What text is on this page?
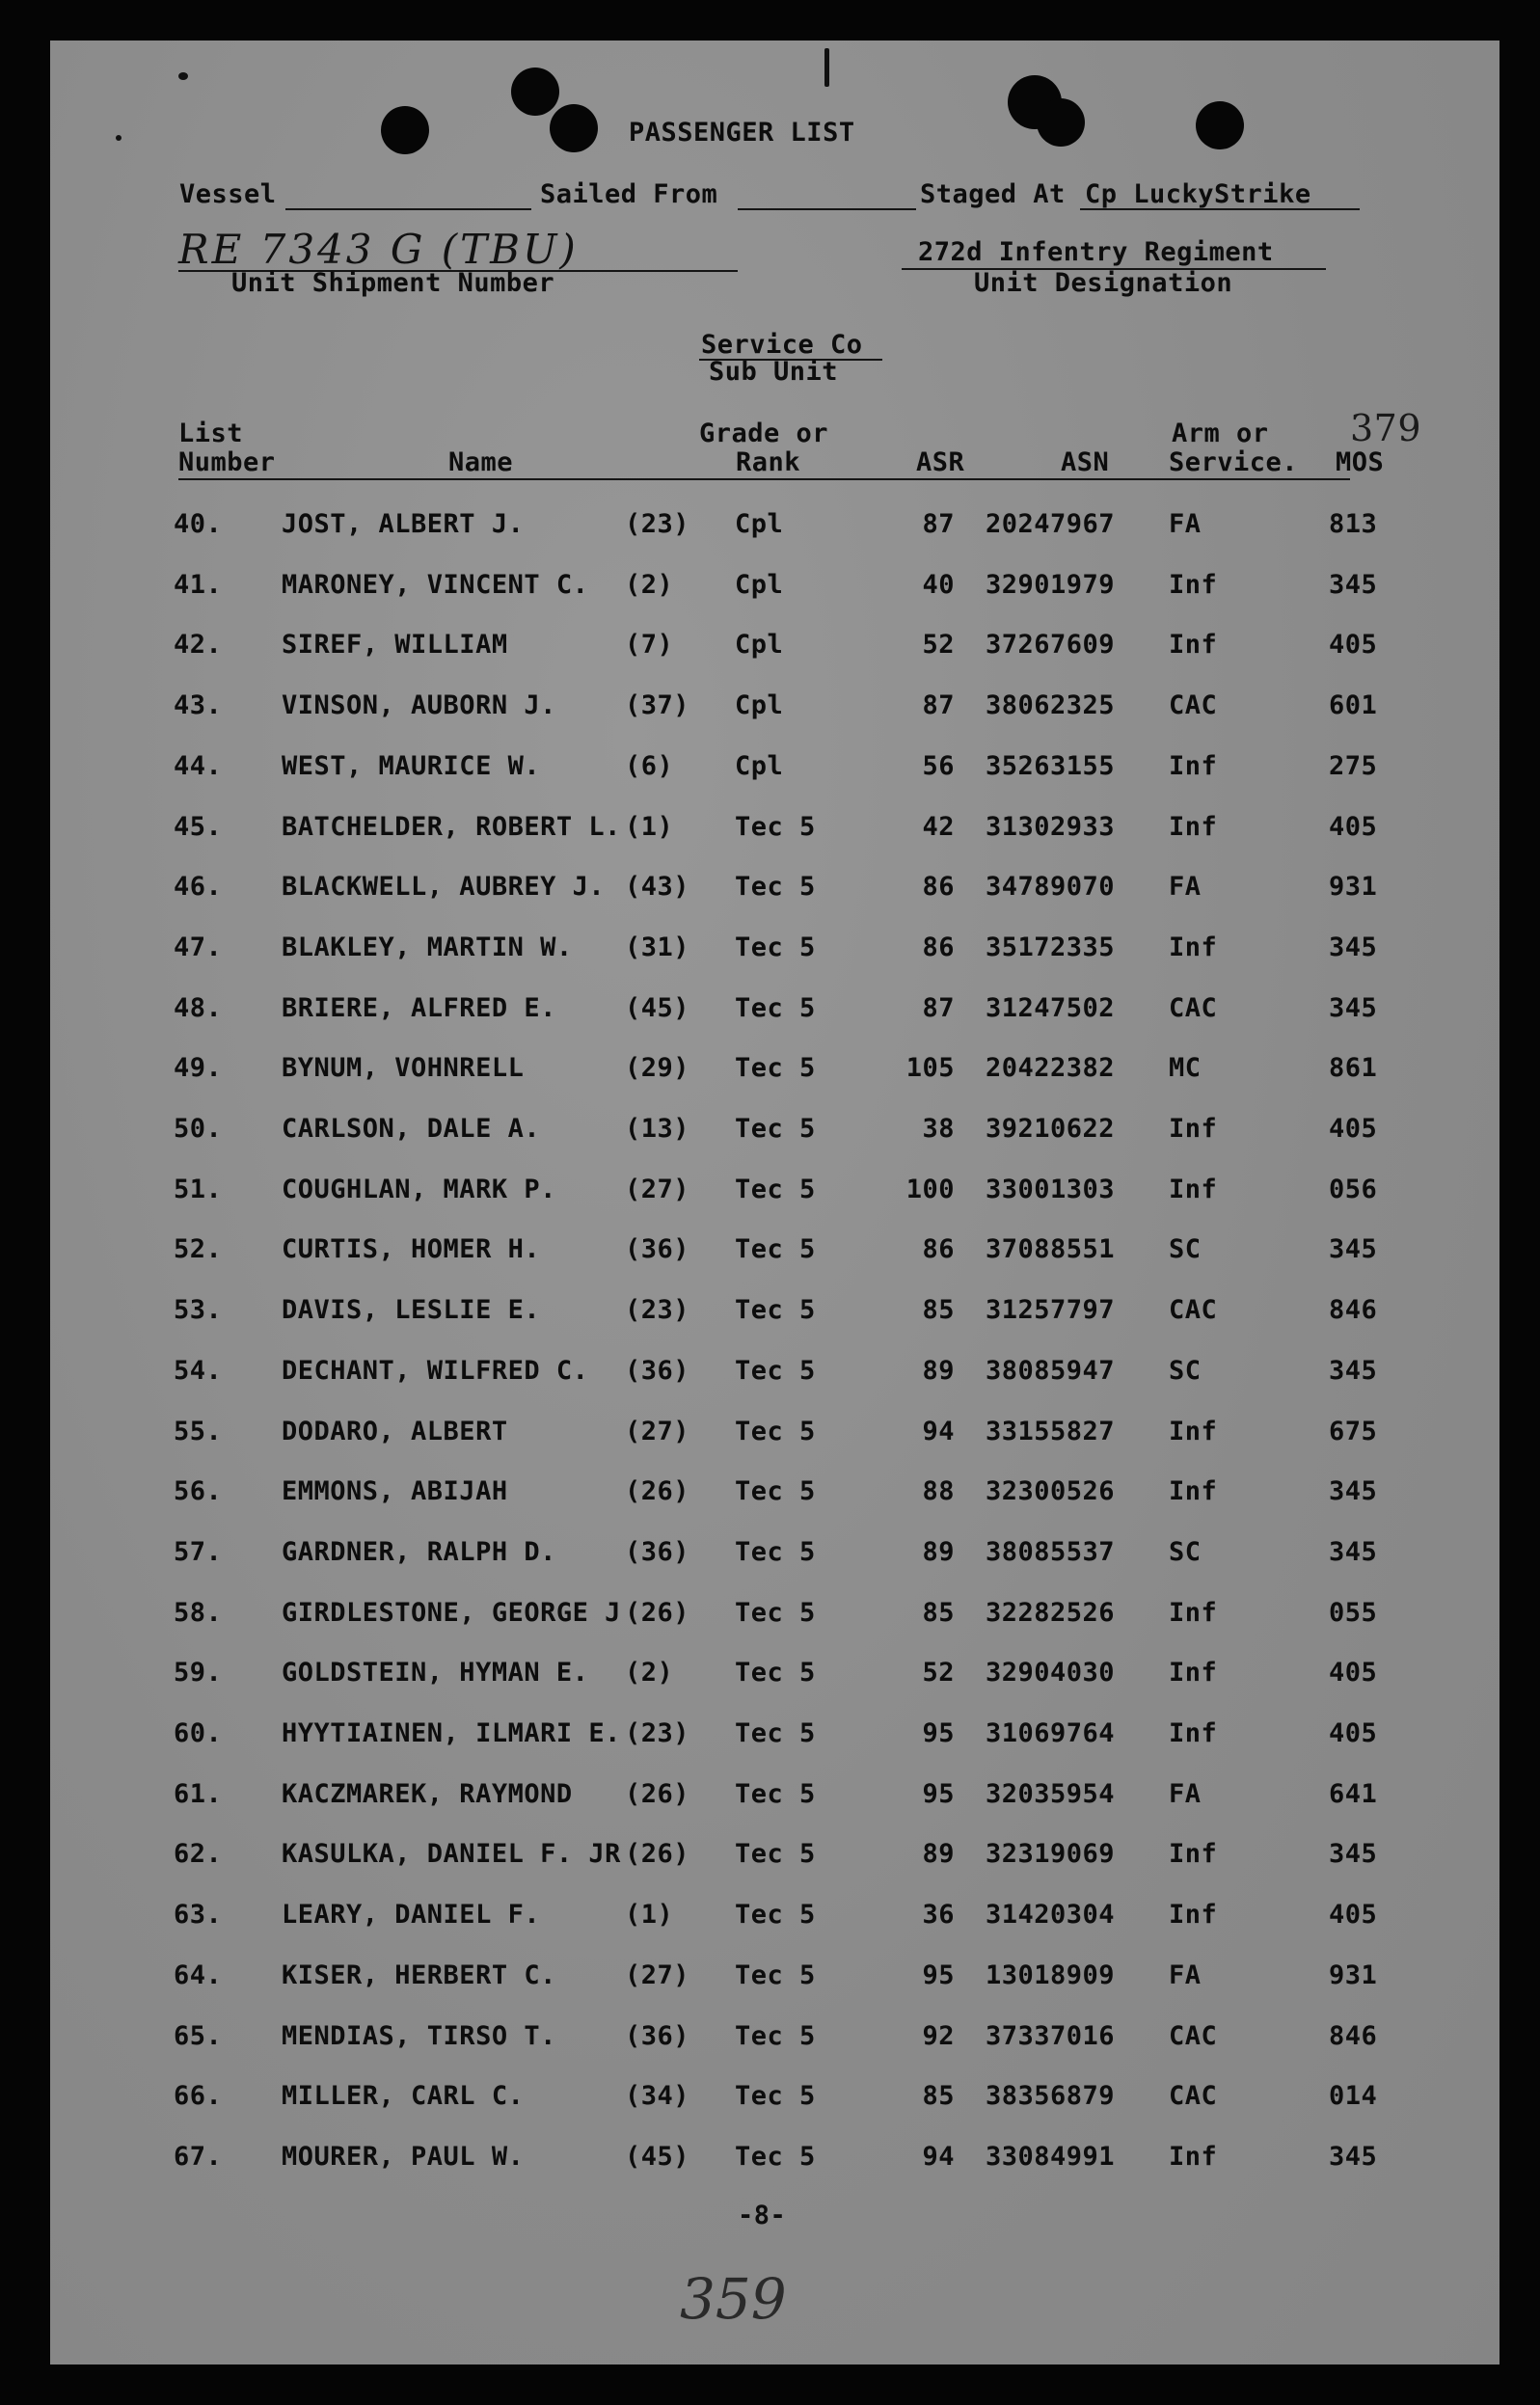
PASSENGER LIST
Vessel	Sailed From	Staged At Cp LuckyStrike
RE 7343 G (TBU)
Unit Shipment Number
272d Infentry Regiment
Unit Designation
Service Co
Sub Unit
379
List
Number	Name
Grade or
Rank	ASR	ASN
Arm or
Service. MOS
40. JOST, ALBERT J.	(23) Cpl	87 20247967 FA	813
41. MARONEY, VINCENT C. (2) Cpl	40 32901979 Inf	345
42. SIREF, WILLIAM	(7) Cpl	52 37267609 Inf	405
43. VINSON, AUBORN J.	(37) Cpl	87 38062325 CAC	601
44. WEST, MAURICE W.	(6) Cpl	56 35263155 Inf	275
45. BATCHELDER, ROBERT L. (1) Tec 5	42 31302933 Inf	405
46. BLACKWELL, AUBREY J. (43) Tec 5	86 34789070 FA	931
47. BLAKLEY, MARTIN W. (31) Tec 5	86 35172335 Inf	345
48. BRIERE, ALFRED E.	(45) Tec 5	87 31247502 CAC	345
49. BYNUM, VOHNRELL	(29) Tec 5	105 20422382 MC	861
50. CARLSON, DALE A.	(13) Tec 5	38 39210622 Inf	405
51. COUGHLAN, MARK P.	(27) Tec 5	100 33001303 Inf	056
52. CURTIS, HOMER H.	(36) Tec 5	86 37088551 SC	345
53. DAVIS, LESLIE E.	(23) Tec 5	85 31257797 CAC	846
54. DECHANT, WILFRED C. (36) Tec 5	89 38085947 SC	345
55. DODARO, ALBERT	(27) Tec 5	94 33155827 Inf	675
56. EMMONS, ABIJAH	(26) Tec 5	88 32300526 Inf	345
57. GARDNER, RALPH D.	(36) Tec 5	89 38085537 SC	345
58. GIRDLESTONE, GEORGE J (26) Tec 5	85 32282526 Inf	055
59. GOLDSTEIN, HYMAN E. (2) Tec 5	52 32904030 Inf	405
60. HYYTIAINEN, ILMARI E. (23) Tec 5	95 31069764 Inf	405
61. KACZMAREK, RAYMOND (26) Tec 5	95 32035954 FA	641
62. KASULKA, DANIEL F. JR (26) Tec 5	89 32319069 Inf	345
63. LEARY, DANIEL F.	(1) Tec 5	36 31420304 Inf	405
64. KISER, HERBERT C.	(27) Tec 5	95 13018909 FA	931
65. MENDIAS, TIRSO T.	(36) Tec 5	92 37337016 CAC	846
66. MILLER, CARL C.	(34) Tec 5	85 38356879 CAC	014
67. MOURER, PAUL W.	(45) Tec 5	94 33084991 Inf	345
-8-
359
